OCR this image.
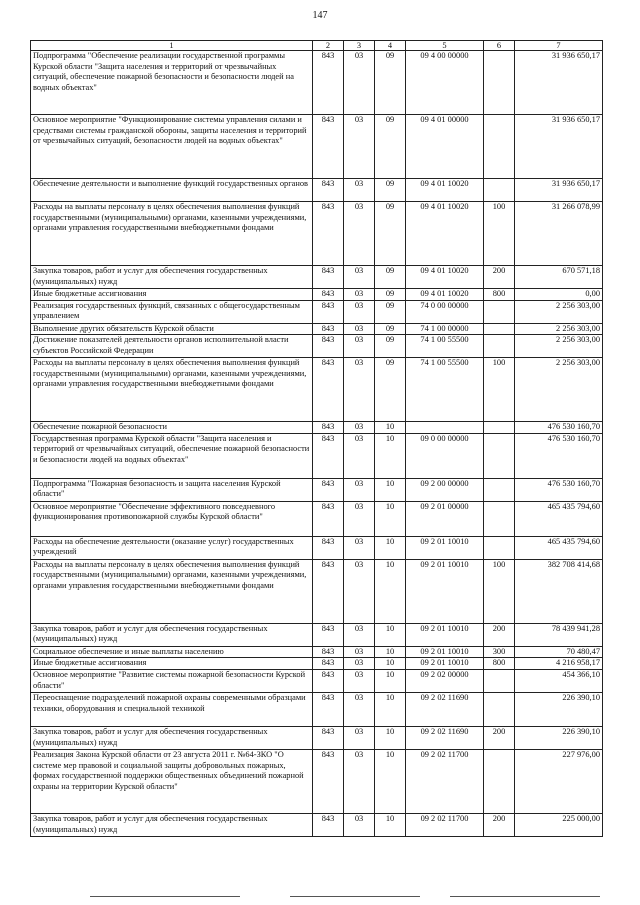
147
1	2	3	4	5	6	7
Подпрограмма "Обеспечение реализации государственной программы Курской области "Защита населения и территорий от чрезвычайных ситуаций, обеспечение пожарной безопасности и безопасности людей на водных объектах"	843	03	09	09 4 00 00000		31 936 650,17
Основное мероприятие "Функционирование системы управления силами и средствами системы гражданской обороны, защиты населения и территорий от чрезвычайных ситуаций, безопасности людей на водных объектах"	843	03	09	09 4 01 00000		31 936 650,17
Обеспечение деятельности и выполнение функций государственных органов	843	03	09	09 4 01 10020		31 936 650,17
Расходы на выплаты персоналу в целях обеспечения выполнения функций государственными (муниципальными) органами, казенными учреждениями, органами управления государственными внебюджетными фондами	843	03	09	09 4 01 10020	100	31 266 078,99
Закупка товаров, работ и услуг для обеспечения государственных (муниципальных) нужд	843	03	09	09 4 01 10020	200	670 571,18
Иные бюджетные ассигнования	843	03	09	09 4 01 10020	800	0,00
Реализация государственных функций, связанных с общегосударственным управлением	843	03	09	74 0 00 00000		2 256 303,00
Выполнение других обязательств Курской области	843	03	09	74 1 00 00000		2 256 303,00
Достижение показателей деятельности органов исполнительной власти субъектов Российской Федерации	843	03	09	74 1 00 55500		2 256 303,00
Расходы на выплаты персоналу в целях обеспечения выполнения функций государственными (муниципальными) органами, казенными учреждениями, органами управления государственными внебюджетными фондами	843	03	09	74 1 00 55500	100	2 256 303,00
Обеспечение пожарной безопасности	843	03	10			476 530 160,70
Государственная программа Курской области "Защита населения и территорий от чрезвычайных ситуаций, обеспечение пожарной безопасности и безопасности людей на водных объектах"	843	03	10	09 0 00 00000		476 530 160,70
Подпрограмма "Пожарная безопасность и защита населения Курской области"	843	03	10	09 2 00 00000		476 530 160,70
Основное мероприятие "Обеспечение эффективного повседневного функционирования противопожарной службы Курской области"	843	03	10	09 2 01 00000		465 435 794,60
Расходы на обеспечение деятельности (оказание услуг) государственных учреждений	843	03	10	09 2 01 10010		465 435 794,60
Расходы на выплаты персоналу в целях обеспечения выполнения функций государственными (муниципальными) органами, казенными учреждениями, органами управления государственными внебюджетными фондами	843	03	10	09 2 01 10010	100	382 708 414,68
Закупка товаров, работ и услуг для обеспечения государственных (муниципальных) нужд	843	03	10	09 2 01 10010	200	78 439 941,28
Социальное обеспечение и иные выплаты населению	843	03	10	09 2 01 10010	300	70 480,47
Иные бюджетные ассигнования	843	03	10	09 2 01 10010	800	4 216 958,17
Основное мероприятие "Развитие системы пожарной безопасности Курской области"	843	03	10	09 2 02 00000		454 366,10
Переоснащение подразделений пожарной охраны современными образцами техники, оборудования и специальной техникой	843	03	10	09 2 02 11690		226 390,10
Закупка товаров, работ и услуг для обеспечения государственных (муниципальных) нужд	843	03	10	09 2 02 11690	200	226 390,10
Реализация Закона Курской области от 23 августа 2011 г. №64-ЗКО "О системе мер правовой и социальной защиты добровольных пожарных, формах государственной поддержки общественных объединений пожарной охраны на территории Курской области"	843	03	10	09 2 02 11700		227 976,00
Закупка товаров, работ и услуг для обеспечения государственных (муниципальных) нужд	843	03	10	09 2 02 11700	200	225 000,00
